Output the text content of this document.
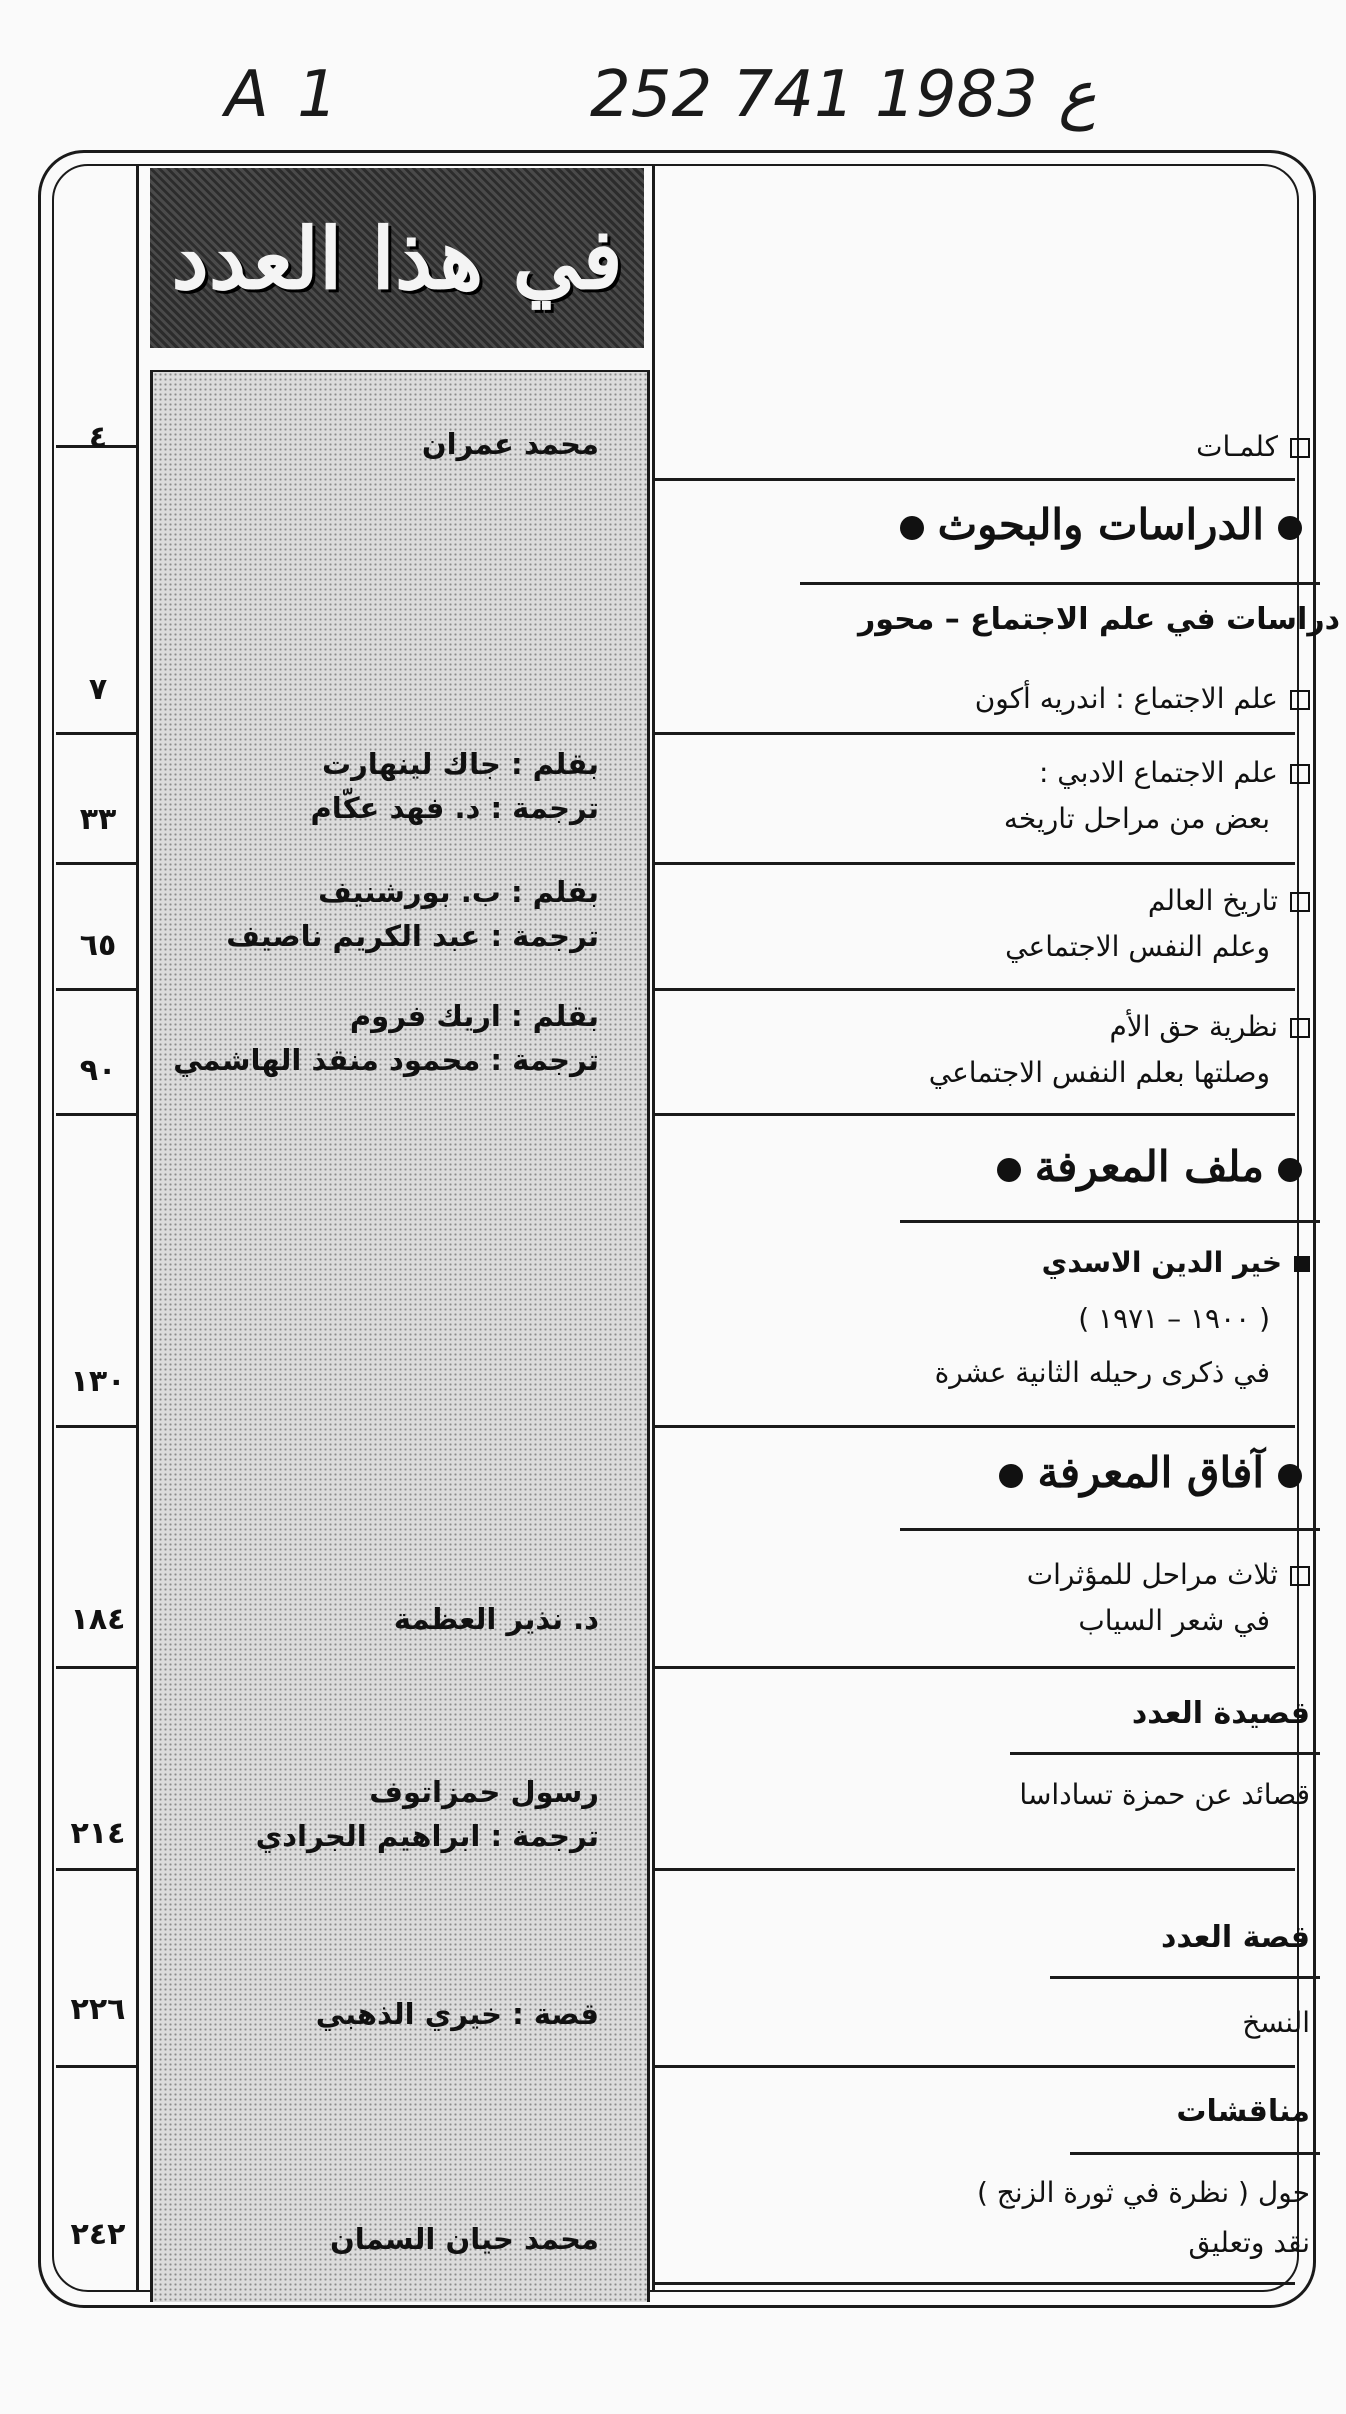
A 1	252 ع 1983 741
٤
٧
٣٣
٦٥
٩٠
١٣٠
١٨٤
٢١٤
٢٢٦
٢٤٢
في هذا العدد
محمد عمران
بقلم : جاك لينهارت
ترجمة : د. فهد عكّام
بقلم : ب. بورشنيف
ترجمة : عبد الكريم ناصيف
بقلم : اريك فروم
ترجمة : محمود منقذ الهاشمي
د. نذير العظمة
رسول حمزاتوف
ترجمة : ابراهيم الجرادي
قصة : خيري الذهبي
محمد حيان السمان
كلمـات
الدراسات والبحوث
دراسات في علم الاجتماع – محور
علم الاجتماع : اندريه أكون
علم الاجتماع الادبي :
بعض من مراحل تاريخه
تاريخ العالم
وعلم النفس الاجتماعي
نظرية حق الأم
وصلتها بعلم النفس الاجتماعي
ملف المعرفة
خير الدين الاسدي
( ١٩٠٠ – ١٩٧١ )
في ذكرى رحيله الثانية عشرة
آفاق المعرفة
ثلاث مراحل للمؤثرات
في شعر السياب
قصيدة العدد
قصائد عن حمزة تساداسا
قصة العدد
النسخ
مناقشات
حول ( نظرة في ثورة الزنج )
نقد وتعليق
